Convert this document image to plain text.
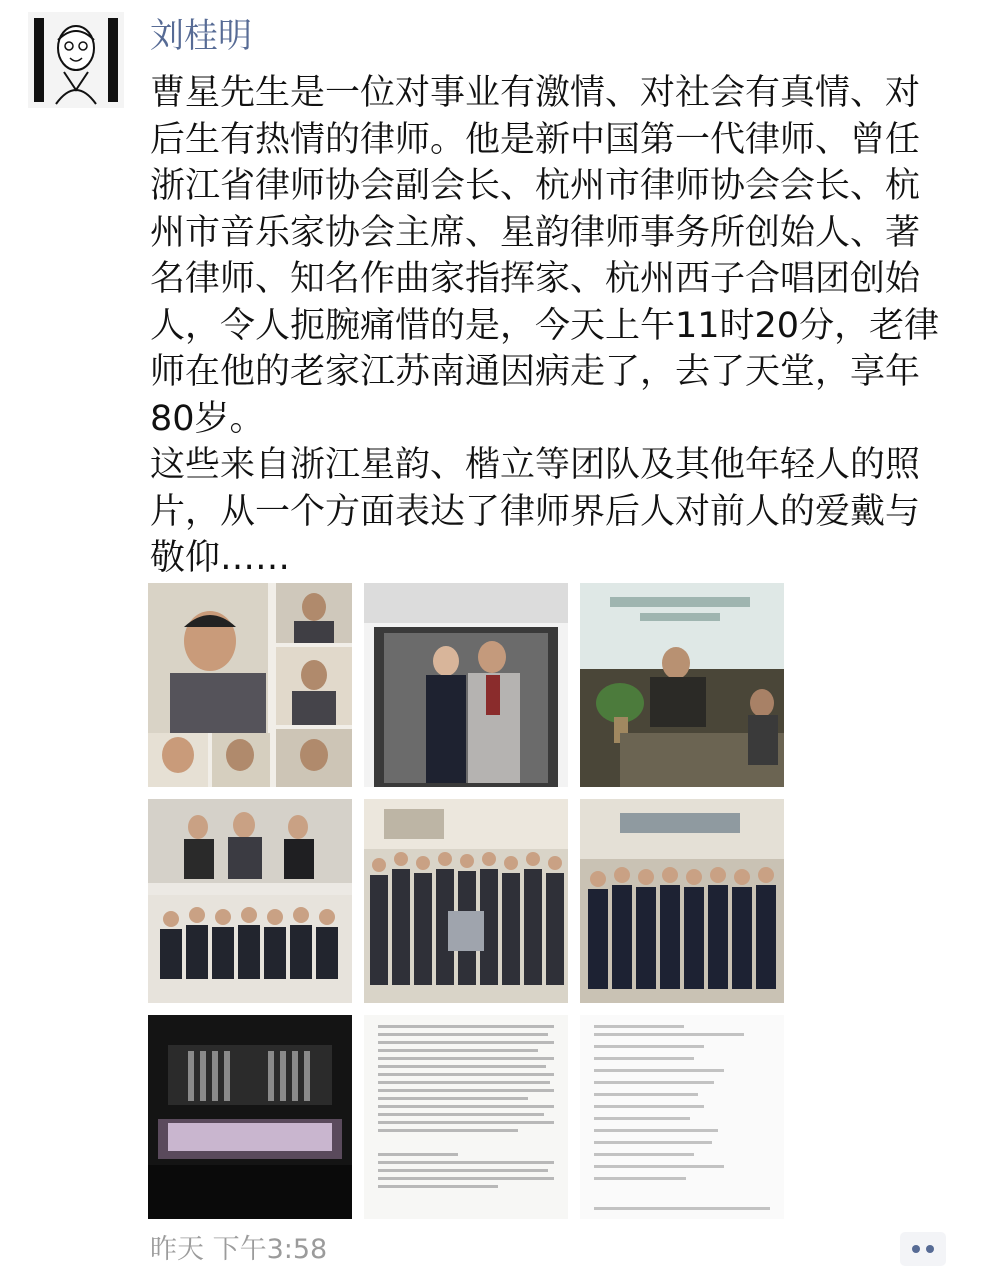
刘桂明

曹星先生是一位对事业有激情、对社会有真情、对后生有热情的律师。他是新中国第一代律师、曾任浙江省律师协会副会长、杭州市律师协会会长、杭州市音乐家协会主席、星韵律师事务所创始人、著名律师、知名作曲家指挥家、杭州西子合唱团创始人，令人扼腕痛惜的是，今天上午11时20分，老律师在他的老家江苏南通因病走了，去了天堂，享年80岁。

这些来自浙江星韵、楷立等团队及其他年轻人的照片，从一个方面表达了律师界后人对前人的爱戴与敬仰……

昨天 下午3:58
